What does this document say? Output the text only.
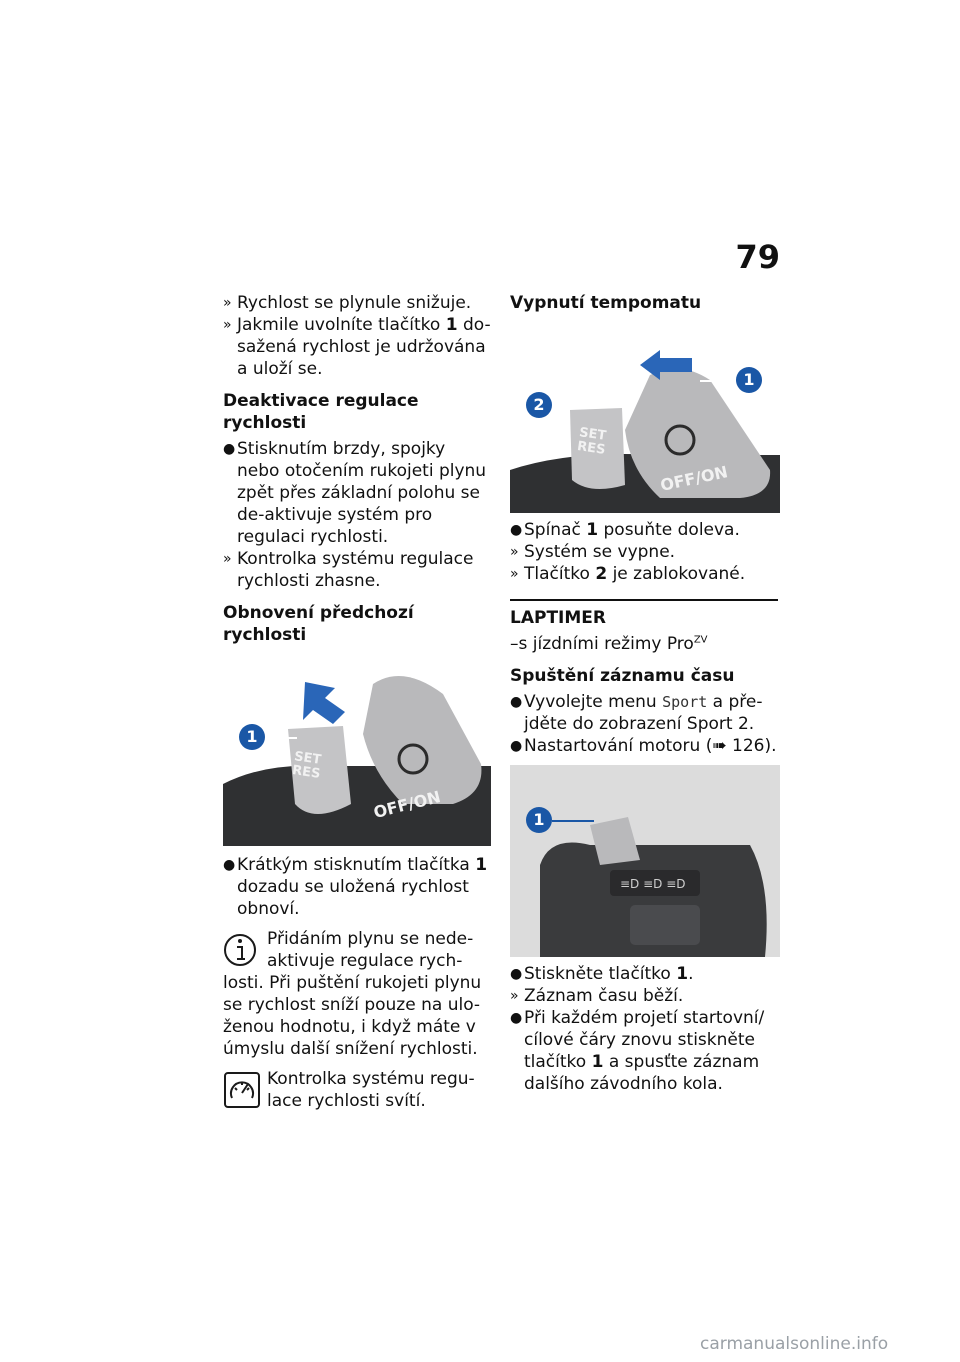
79

» Rychlost se plynule snižuje.

» Jakmile uvolníte tlačítko 1 do-sažená rychlost je udržována a uloží se.

Deaktivace regulace rychlosti

● Stisknutím brzdy, spojky nebo otočením rukojeti plynu zpět přes základní polohu se de-aktivuje systém pro regulaci rychlosti.

» Kontrolka systému regulace rychlosti zhasne.

Obnovení předchozí rychlosti
1
SET
RES
OFF/ON

● Krátkým stisknutím tlačítka 1 dozadu se uložená rychlost obnoví.

Přidáním plynu se nede-aktivuje regulace rych-losti. Při puštění rukojeti plynu se rychlost sníží pouze na ulo-ženou hodnotu, i když máte v úmyslu další snížení rychlosti.
Kontrolka systému regu-lace rychlosti svítí.
Vypnutí tempomatu
1
2
SET
RES
OFF/ON

● Spínač 1 posuňte doleva.

» Systém se vypne.

» Tlačítko 2 je zablokované.

LAPTIMER

–s jízdními režimy Pro$^{ZV}$

Spuštění záznamu času

● Vyvolejte menu Sport a pře-jděte do zobrazení Sport 2.

● Nastartování motoru (➠ 126).

≡D ≡D ≡D
1

● Stiskněte tlačítko 1.

» Záznam času běží.

● Při každém projetí startovní/ cílové čáry znovu stiskněte tlačítko 1 a spusťte záznam dalšího závodního kola.

carmanualsonline.info
